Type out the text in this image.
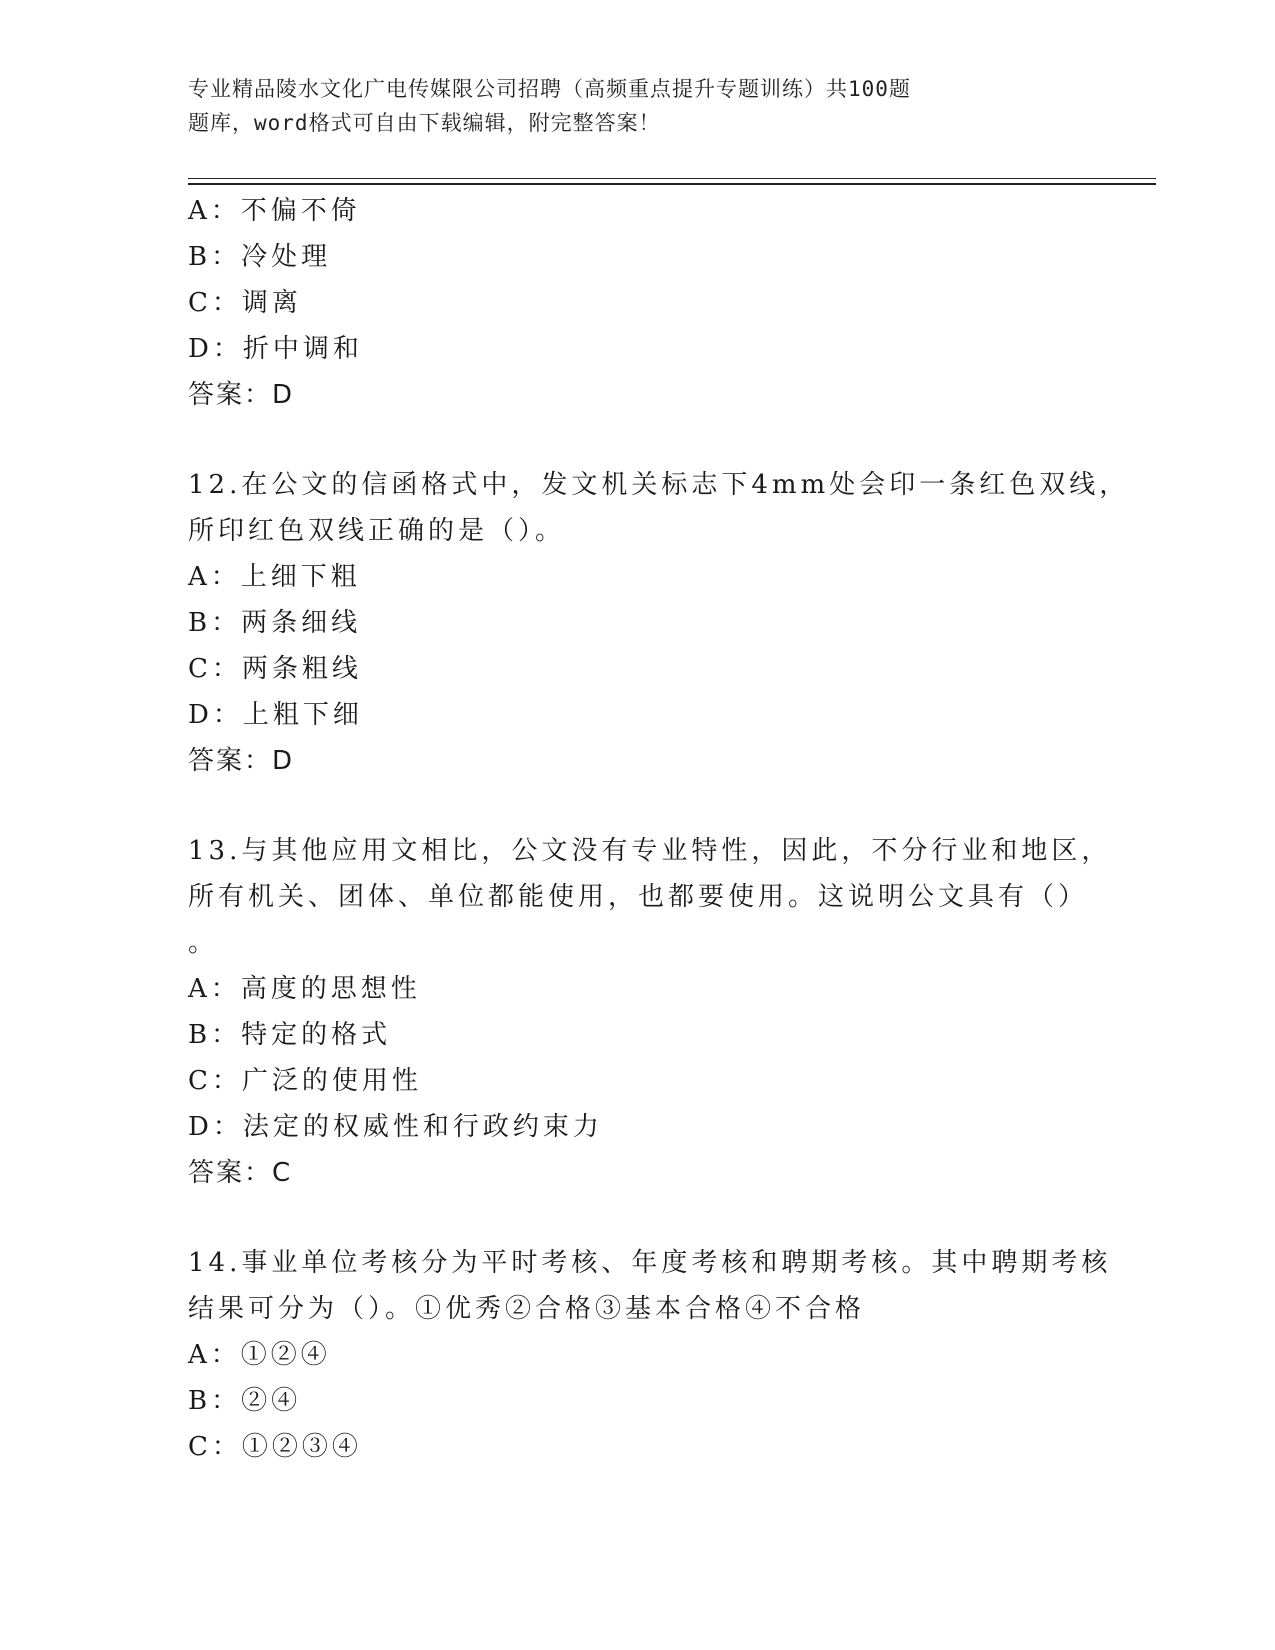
专业精品陵水文化广电传媒限公司招聘（高频重点提升专题训练）共100题
题库，word格式可自由下载编辑，附完整答案！
A：不偏不倚
B：冷处理
C：调离
D：折中调和
答案：D
12.在公文的信函格式中，发文机关标志下4mm处会印一条红色双线，
所印红色双线正确的是（）。
A：上细下粗
B：两条细线
C：两条粗线
D：上粗下细
答案：D
13.与其他应用文相比，公文没有专业特性，因此，不分行业和地区，
所有机关、团体、单位都能使用，也都要使用。这说明公文具有（）
。
A：高度的思想性
B：特定的格式
C：广泛的使用性
D：法定的权威性和行政约束力
答案：C
14.事业单位考核分为平时考核、年度考核和聘期考核。其中聘期考核
结果可分为（）。①优秀②合格③基本合格④不合格
A：①②④
B：②④
C：①②③④
